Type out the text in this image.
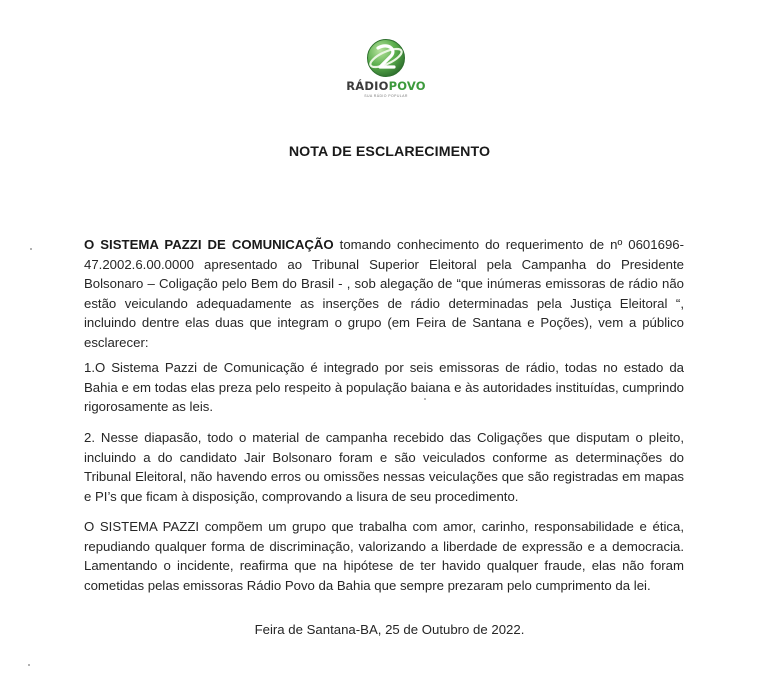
RÁDIOPOVO
SUA RÁDIO POPULAR
NOTA DE ESCLARECIMENTO
O SISTEMA PAZZI DE COMUNICAÇÃO tomando conhecimento do requerimento de nº 0601696-47.2002.6.00.0000 apresentado ao Tribunal Superior Eleitoral pela Campanha do Presidente Bolsonaro – Coligação pelo Bem do Brasil - , sob alegação de “que inúmeras emissoras de rádio não estão veiculando adequadamente as inserções de rádio determinadas pela Justiça Eleitoral “, incluindo dentre elas duas que integram o grupo (em Feira de Santana e Poções), vem a público esclarecer:
1.O Sistema Pazzi de Comunicação é integrado por seis emissoras de rádio, todas no estado da Bahia e em todas elas preza pelo respeito à população baiana e às autoridades instituídas, cumprindo rigorosamente as leis.
2. Nesse diapasão, todo o material de campanha recebido das Coligações que disputam o pleito, incluindo a do candidato Jair Bolsonaro foram e são veiculados conforme as determinações do Tribunal Eleitoral, não havendo erros ou omissões nessas veiculações que são registradas em mapas e PI’s que ficam à disposição, comprovando a lisura de seu procedimento.
O SISTEMA PAZZI compõem um grupo que trabalha com amor, carinho, responsabilidade e ética, repudiando qualquer forma de discriminação, valorizando a liberdade de expressão e a democracia. Lamentando o incidente, reafirma que na hipótese de ter havido qualquer fraude, elas não foram cometidas pelas emissoras Rádio Povo da Bahia que sempre prezaram pelo cumprimento da lei.
Feira de Santana-BA, 25 de Outubro de 2022.
